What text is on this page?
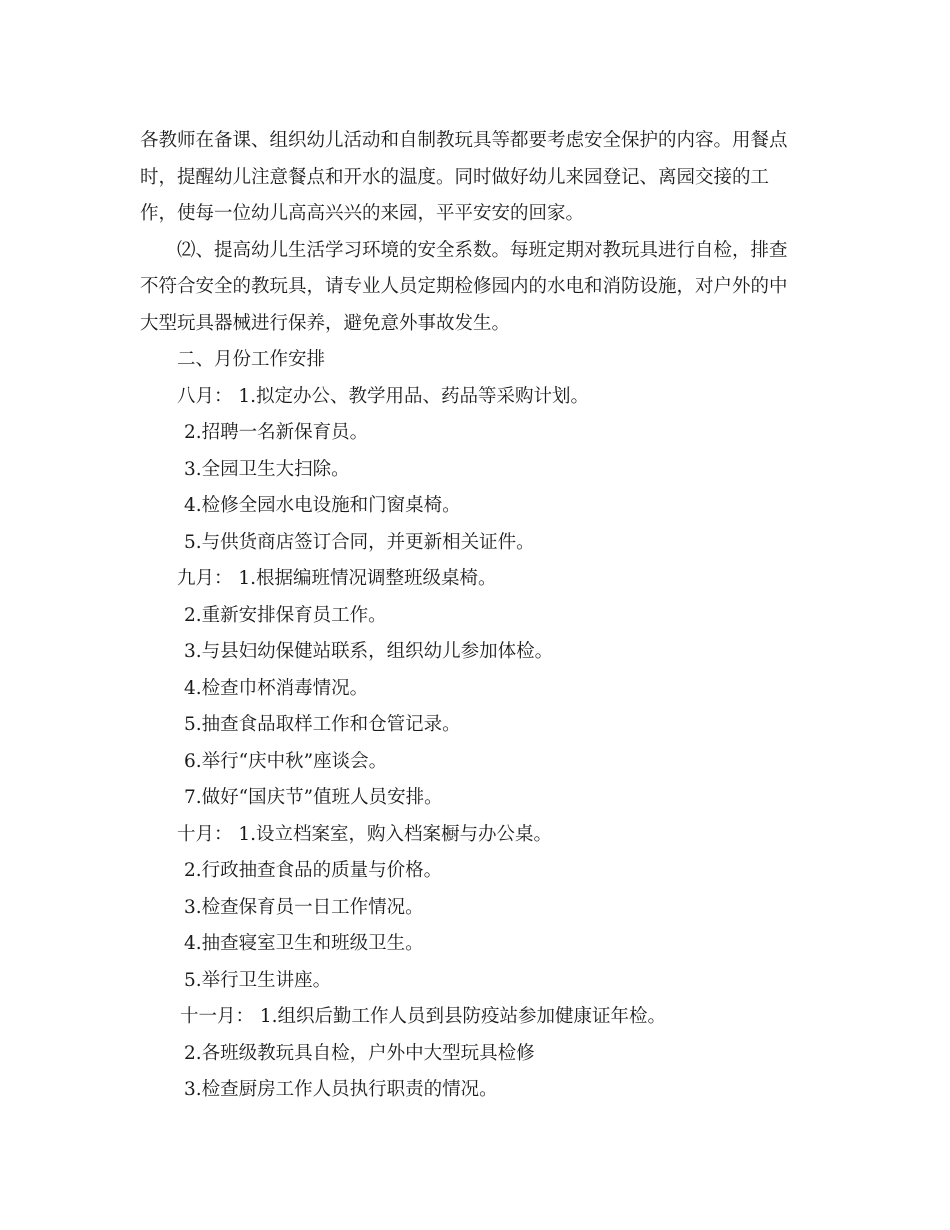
各教师在备课、组织幼儿活动和自制教玩具等都要考虑安全保护的内容。用餐点
时，提醒幼儿注意餐点和开水的温度。同时做好幼儿来园登记、离园交接的工
作，使每一位幼儿高高兴兴的来园，平平安安的回家。
⑵、提高幼儿生活学习环境的安全系数。每班定期对教玩具进行自检，排查
不符合安全的教玩具，请专业人员定期检修园内的水电和消防设施，对户外的中
大型玩具器械进行保养，避免意外事故发生。
二、月份工作安排
八月： 1.拟定办公、教学用品、药品等采购计划。
2.招聘一名新保育员。
3.全园卫生大扫除。
4.检修全园水电设施和门窗桌椅。
5.与供货商店签订合同，并更新相关证件。
九月： 1.根据编班情况调整班级桌椅。
2.重新安排保育员工作。
3.与县妇幼保健站联系，组织幼儿参加体检。
4.检查巾杯消毒情况。
5.抽查食品取样工作和仓管记录。
6.举行“庆中秋”座谈会。
7.做好“国庆节”值班人员安排。
十月： 1.设立档案室，购入档案橱与办公桌。
2.行政抽查食品的质量与价格。
3.检查保育员一日工作情况。
4.抽查寝室卫生和班级卫生。
5.举行卫生讲座。
十一月： 1.组织后勤工作人员到县防疫站参加健康证年检。
2.各班级教玩具自检，户外中大型玩具检修
3.检查厨房工作人员执行职责的情况。
